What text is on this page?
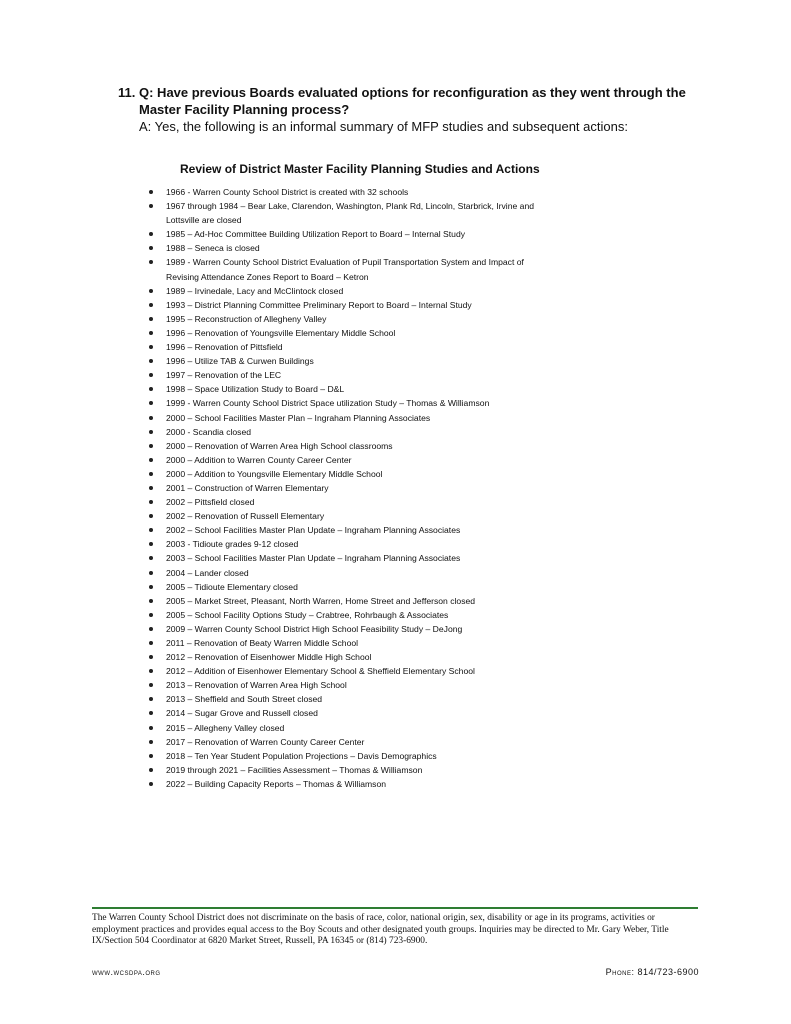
11. Q: Have previous Boards evaluated options for reconfiguration as they went through the
Master Facility Planning process?
A: Yes, the following is an informal summary of MFP studies and subsequent actions:
Review of District Master Facility Planning Studies and Actions
1966 - Warren County School District is created with 32 schools
1967 through 1984 – Bear Lake, Clarendon, Washington, Plank Rd, Lincoln, Starbrick, Irvine and
Lottsville are closed
1985 – Ad-Hoc Committee Building Utilization Report to Board – Internal Study
1988 – Seneca is closed
1989 - Warren County School District Evaluation of Pupil Transportation System and Impact of
Revising Attendance Zones Report to Board – Ketron
1989 – Irvinedale, Lacy and McClintock closed
1993 – District Planning Committee Preliminary Report to Board – Internal Study
1995 – Reconstruction of Allegheny Valley
1996 – Renovation of Youngsville Elementary Middle School
1996 – Renovation of Pittsfield
1996 – Utilize TAB & Curwen Buildings
1997 – Renovation of the LEC
1998 – Space Utilization Study to Board – D&L
1999 - Warren County School District Space utilization Study – Thomas & Williamson
2000 – School Facilities Master Plan – Ingraham Planning Associates
2000 - Scandia closed
2000 – Renovation of Warren Area High School classrooms
2000 – Addition to Warren County Career Center
2000 – Addition to Youngsville Elementary Middle School
2001 – Construction of Warren Elementary
2002 – Pittsfield closed
2002 – Renovation of Russell Elementary
2002 – School Facilities Master Plan Update – Ingraham Planning Associates
2003 - Tidioute grades 9-12 closed
2003 – School Facilities Master Plan Update – Ingraham Planning Associates
2004 – Lander closed
2005 – Tidioute Elementary closed
2005 – Market Street, Pleasant, North Warren, Home Street and Jefferson closed
2005 – School Facility Options Study – Crabtree, Rohrbaugh & Associates
2009 – Warren County School District High School Feasibility Study – DeJong
2011 – Renovation of Beaty Warren Middle School
2012 – Renovation of Eisenhower Middle High School
2012 – Addition of Eisenhower Elementary School & Sheffield Elementary School
2013 – Renovation of Warren Area High School
2013 – Sheffield and South Street closed
2014 – Sugar Grove and Russell closed
2015 – Allegheny Valley closed
2017 – Renovation of Warren County Career Center
2018 – Ten Year Student Population Projections – Davis Demographics
2019 through 2021 – Facilities Assessment – Thomas & Williamson
2022 – Building Capacity Reports – Thomas & Williamson
The Warren County School District does not discriminate on the basis of race, color, national origin, sex, disability or age in its programs, activities or employment practices and provides equal access to the Boy Scouts and other designated youth groups. Inquiries may be directed to Mr. Gary Weber, Title IX/Section 504 Coordinator at 6820 Market Street, Russell, PA 16345 or (814) 723-6900.
www.wcsdpa.org	Phone: 814/723-6900
